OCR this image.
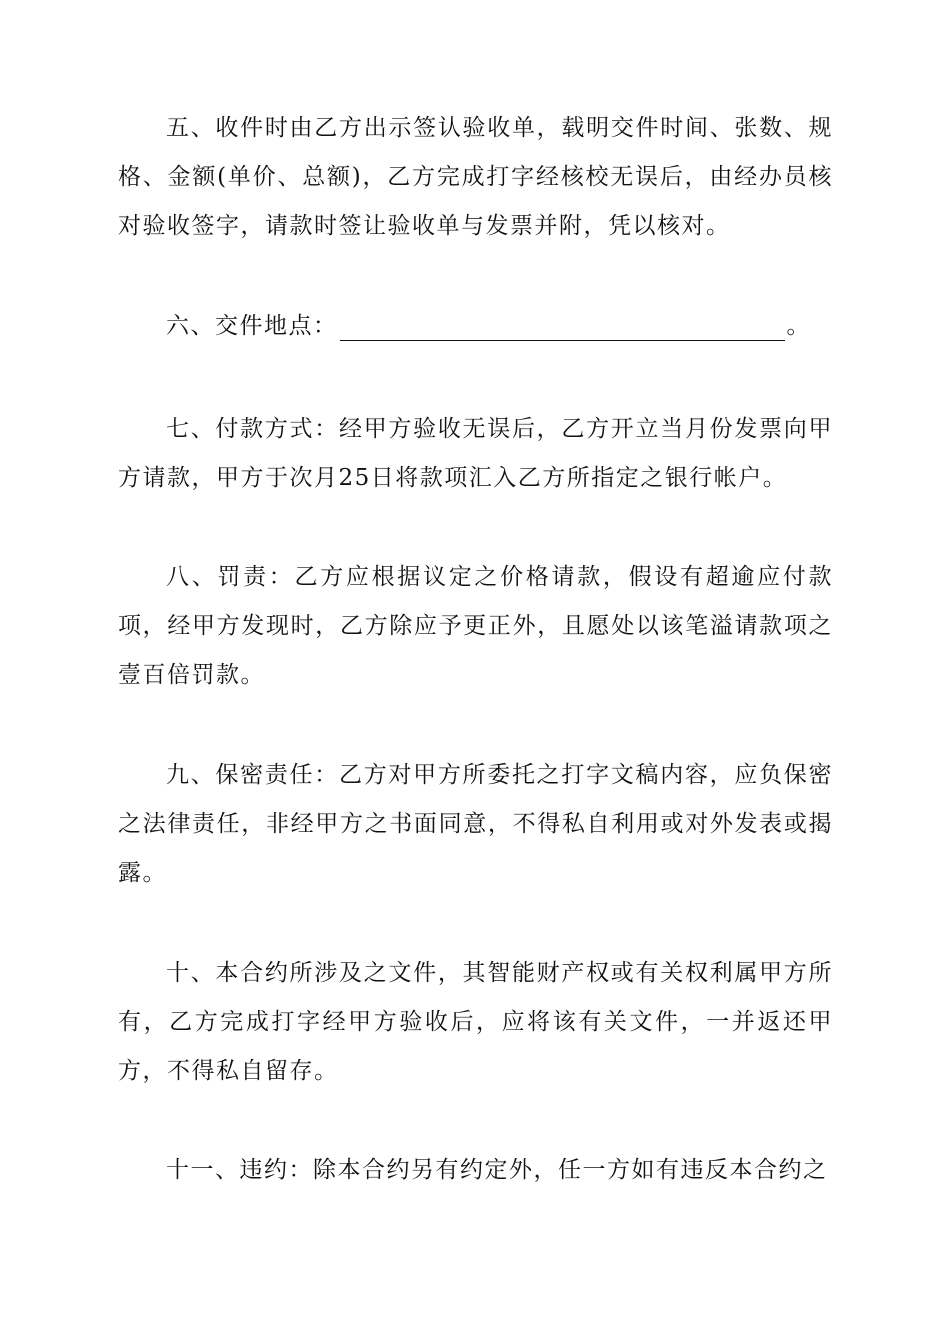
五、收件时由乙方出示签认验收单，载明交件时间、张数、规格、金额(单价、总额)，乙方完成打字经核校无误后，由经办员核对验收签字，请款时签让验收单与发票并附，凭以核对。

六、交件地点：	。

七、付款方式：经甲方验收无误后，乙方开立当月份发票向甲方请款，甲方于次月25日将款项汇入乙方所指定之银行帐户。

八、罚责：乙方应根据议定之价格请款，假设有超逾应付款项，经甲方发现时，乙方除应予更正外，且愿处以该笔溢请款项之壹百倍罚款。

九、保密责任：乙方对甲方所委托之打字文稿内容，应负保密之法律责任，非经甲方之书面同意，不得私自利用或对外发表或揭露。

十、本合约所涉及之文件，其智能财产权或有关权利属甲方所有，乙方完成打字经甲方验收后，应将该有关文件，一并返还甲方，不得私自留存。

十一、违约：除本合约另有约定外，任一方如有违反本合约之
